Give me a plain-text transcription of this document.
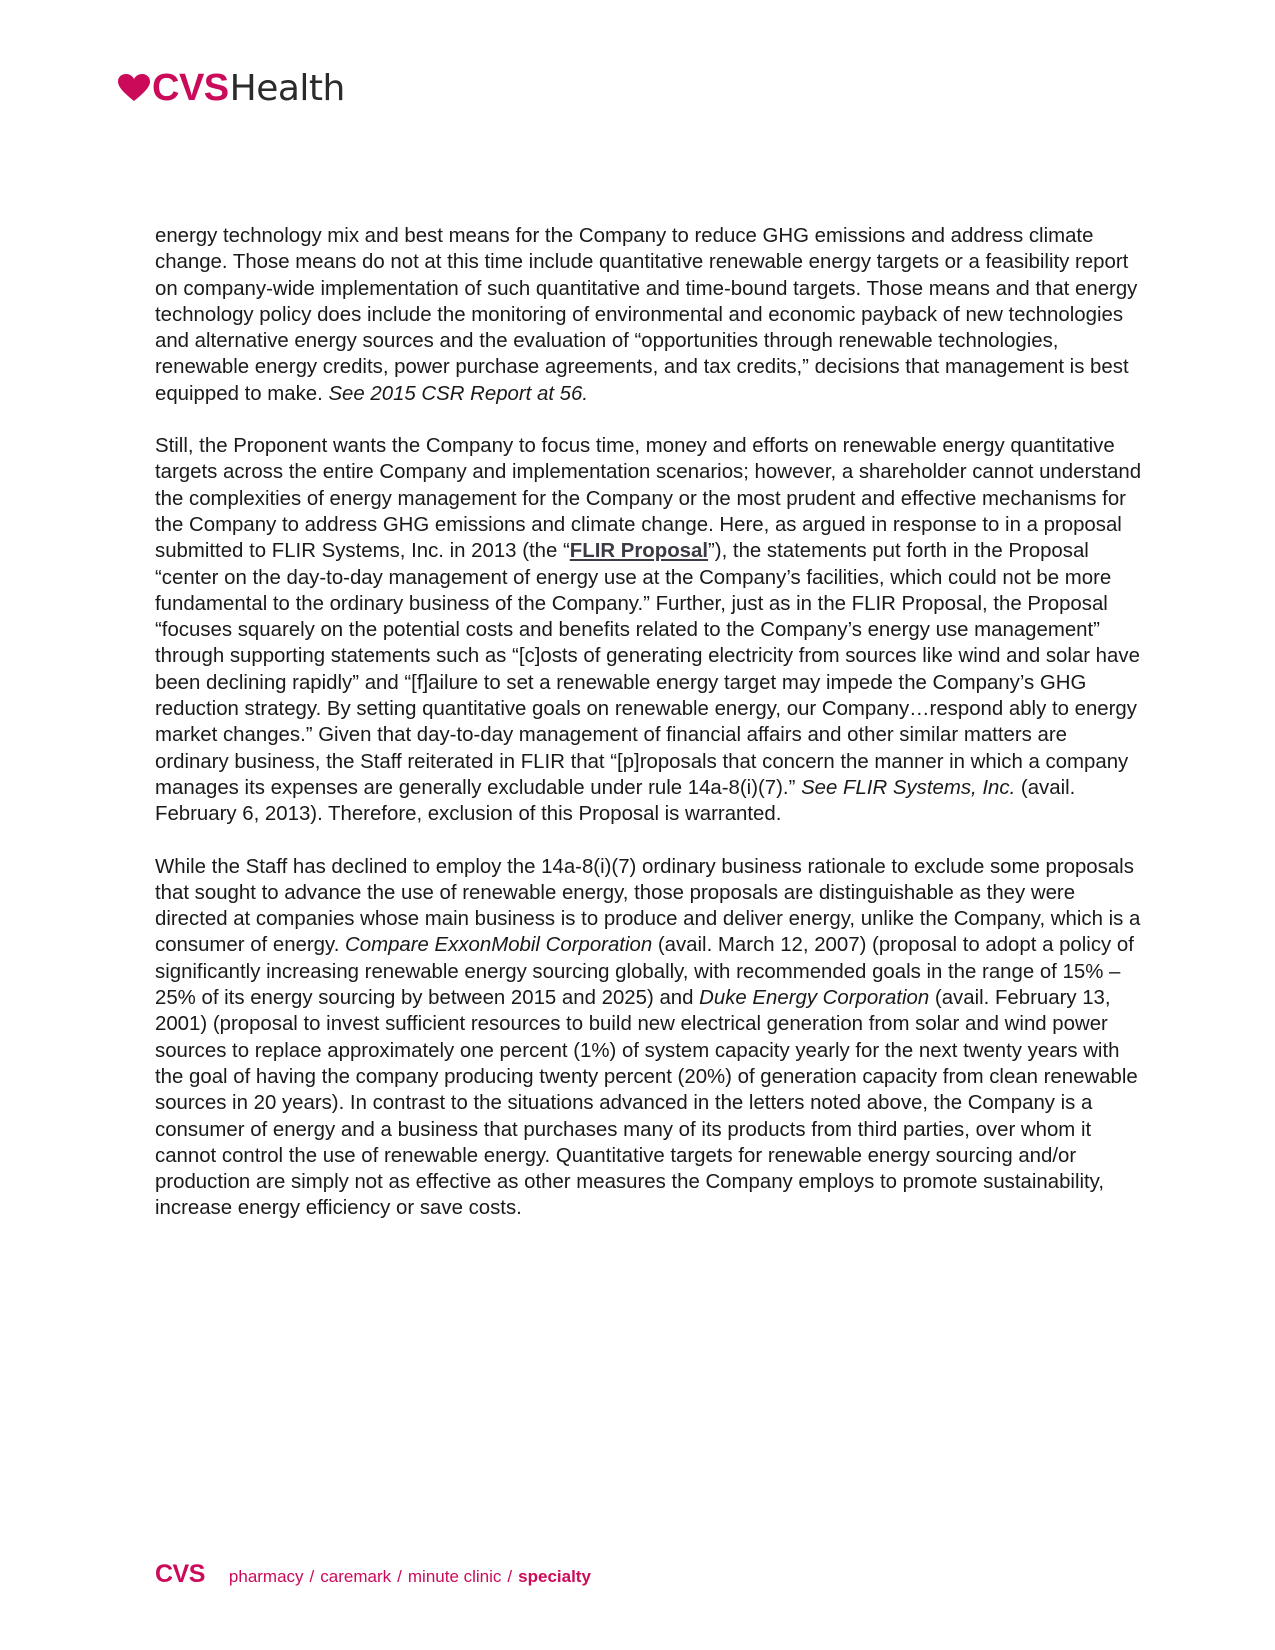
CVS Health

energy technology mix and best means for the Company to reduce GHG emissions and address climate change. Those means do not at this time include quantitative renewable energy targets or a feasibility report on company-wide implementation of such quantitative and time-bound targets. Those means and that energy technology policy does include the monitoring of environmental and economic payback of new technologies and alternative energy sources and the evaluation of “opportunities through renewable technologies, renewable energy credits, power purchase agreements, and tax credits,” decisions that management is best equipped to make. See 2015 CSR Report at 56.

Still, the Proponent wants the Company to focus time, money and efforts on renewable energy quantitative targets across the entire Company and implementation scenarios; however, a shareholder cannot understand the complexities of energy management for the Company or the most prudent and effective mechanisms for the Company to address GHG emissions and climate change. Here, as argued in response to in a proposal submitted to FLIR Systems, Inc. in 2013 (the “FLIR Proposal”), the statements put forth in the Proposal “center on the day-to-day management of energy use at the Company’s facilities, which could not be more fundamental to the ordinary business of the Company.” Further, just as in the FLIR Proposal, the Proposal “focuses squarely on the potential costs and benefits related to the Company’s energy use management” through supporting statements such as “[c]osts of generating electricity from sources like wind and solar have been declining rapidly” and “[f]ailure to set a renewable energy target may impede the Company’s GHG reduction strategy. By setting quantitative goals on renewable energy, our Company…respond ably to energy market changes.” Given that day-to-day management of financial affairs and other similar matters are ordinary business, the Staff reiterated in FLIR that “[p]roposals that concern the manner in which a company manages its expenses are generally excludable under rule 14a-8(i)(7).” See FLIR Systems, Inc. (avail. February 6, 2013). Therefore, exclusion of this Proposal is warranted.

While the Staff has declined to employ the 14a-8(i)(7) ordinary business rationale to exclude some proposals that sought to advance the use of renewable energy, those proposals are distinguishable as they were directed at companies whose main business is to produce and deliver energy, unlike the Company, which is a consumer of energy. Compare ExxonMobil Corporation (avail. March 12, 2007) (proposal to adopt a policy of significantly increasing renewable energy sourcing globally, with recommended goals in the range of 15% – 25% of its energy sourcing by between 2015 and 2025) and Duke Energy Corporation (avail. February 13, 2001) (proposal to invest sufficient resources to build new electrical generation from solar and wind power sources to replace approximately one percent (1%) of system capacity yearly for the next twenty years with the goal of having the company producing twenty percent (20%) of generation capacity from clean renewable sources in 20 years). In contrast to the situations advanced in the letters noted above, the Company is a consumer of energy and a business that purchases many of its products from third parties, over whom it cannot control the use of renewable energy. Quantitative targets for renewable energy sourcing and/or production are simply not as effective as other measures the Company employs to promote sustainability, increase energy efficiency or save costs.

CVS pharmacy / caremark / minute clinic / specialty
